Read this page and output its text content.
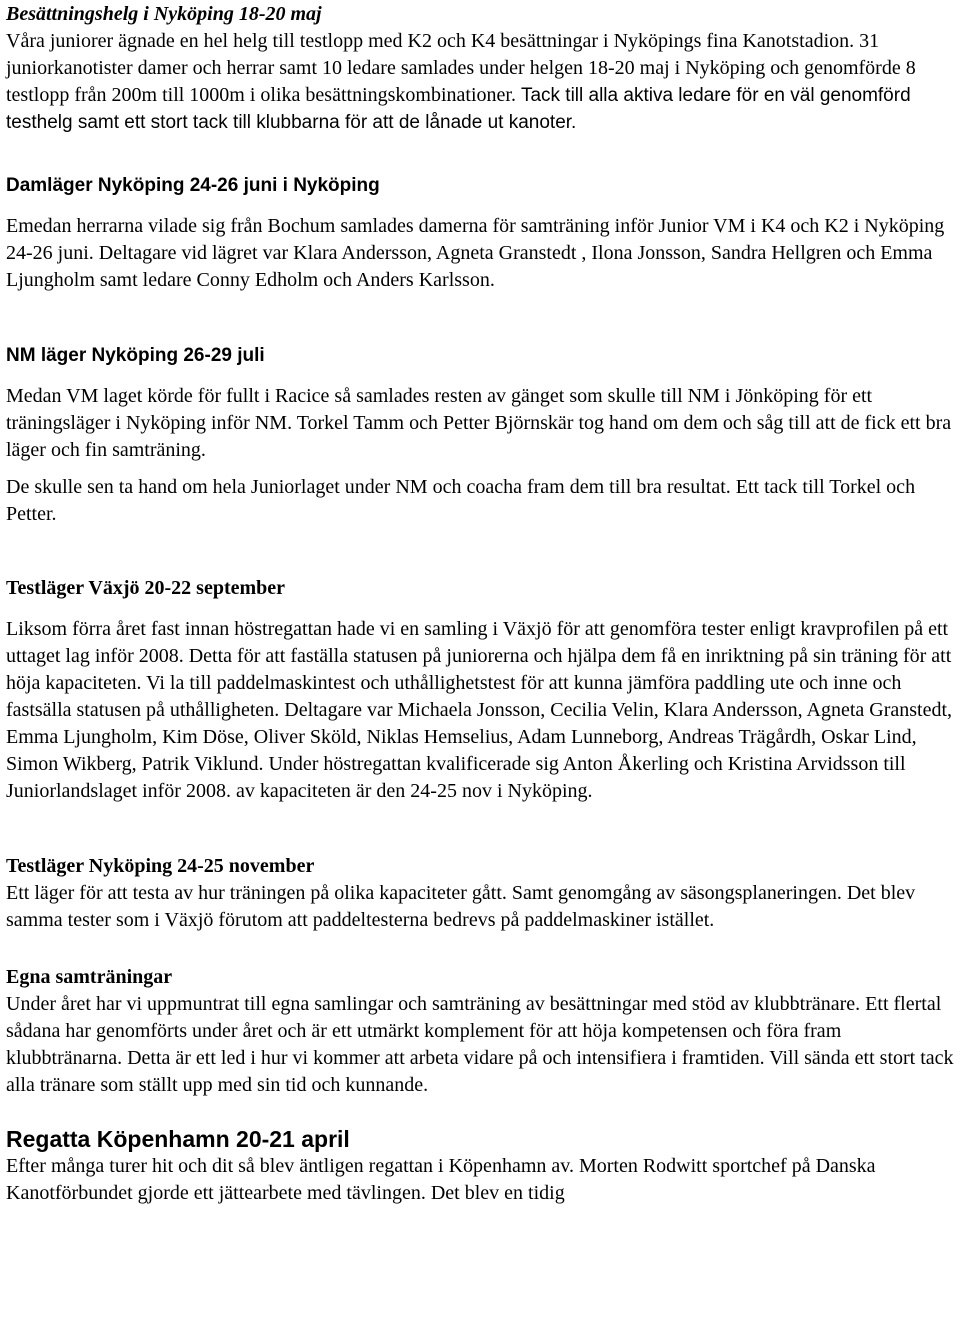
Besättningshelg i Nyköping 18-20 maj

Våra juniorer ägnade en hel helg till testlopp med K2 och K4 besättningar i Nyköpings fina Kanotstadion. 31 juniorkanotister damer och herrar samt 10 ledare samlades under helgen 18-20 maj i Nyköping och genomförde 8 testlopp från 200m till 1000m i olika besättningskombinationer. Tack till alla aktiva ledare för en väl genomförd testhelg samt ett stort tack till klubbarna för att de lånade ut kanoter.

Damläger Nyköping 24-26 juni i Nyköping

Emedan herrarna vilade sig från Bochum samlades damerna för samträning inför Junior VM i K4 och K2 i Nyköping 24-26 juni. Deltagare vid lägret var Klara Andersson, Agneta Granstedt , Ilona Jonsson, Sandra Hellgren och Emma Ljungholm samt ledare Conny Edholm och Anders Karlsson.

NM läger Nyköping 26-29 juli

Medan VM laget körde för fullt i Racice så samlades resten av gänget som skulle till NM i Jönköping för ett träningsläger i Nyköping inför NM. Torkel Tamm och Petter Björnskär tog hand om dem och såg till att de fick ett bra läger och fin samträning.

De skulle sen ta hand om hela Juniorlaget under NM och coacha fram dem till bra resultat. Ett tack till Torkel och Petter.

Testläger Växjö 20-22 september

Liksom förra året fast innan höstregattan hade vi en samling i Växjö för att genomföra tester enligt kravprofilen på ett uttaget lag inför 2008. Detta för att faställa statusen på juniorerna och hjälpa dem få en inriktning på sin träning för att höja kapaciteten. Vi la till paddelmaskintest och uthållighetstest för att kunna jämföra paddling ute och inne och fastsälla statusen på uthålligheten. Deltagare var Michaela Jonsson, Cecilia Velin, Klara Andersson, Agneta Granstedt, Emma Ljungholm, Kim Döse, Oliver Sköld, Niklas Hemselius, Adam Lunneborg, Andreas Trägårdh, Oskar Lind, Simon Wikberg, Patrik Viklund. Under höstregattan kvalificerade sig Anton Åkerling och Kristina Arvidsson till Juniorlandslaget inför 2008. av kapaciteten är den 24-25 nov i Nyköping.

Testläger Nyköping 24-25 november

Ett läger för att testa av hur träningen på olika kapaciteter gått. Samt genomgång av säsongsplaneringen. Det blev samma tester som i Växjö förutom att paddeltesterna bedrevs på paddelmaskiner istället.

Egna samträningar

Under året har vi uppmuntrat till egna samlingar och samträning av besättningar med stöd av klubbtränare. Ett flertal sådana har genomförts under året och är ett utmärkt komplement för att höja kompetensen och föra fram klubbtränarna. Detta är ett led i hur vi kommer att arbeta vidare på och intensifiera i framtiden. Vill sända ett stort tack alla tränare som ställt upp med sin tid och kunnande.

Regatta Köpenhamn 20-21 april

Efter många turer hit och dit så blev äntligen regattan i Köpenhamn av. Morten Rodwitt sportchef på Danska Kanotförbundet gjorde ett jättearbete med tävlingen. Det blev en tidig
